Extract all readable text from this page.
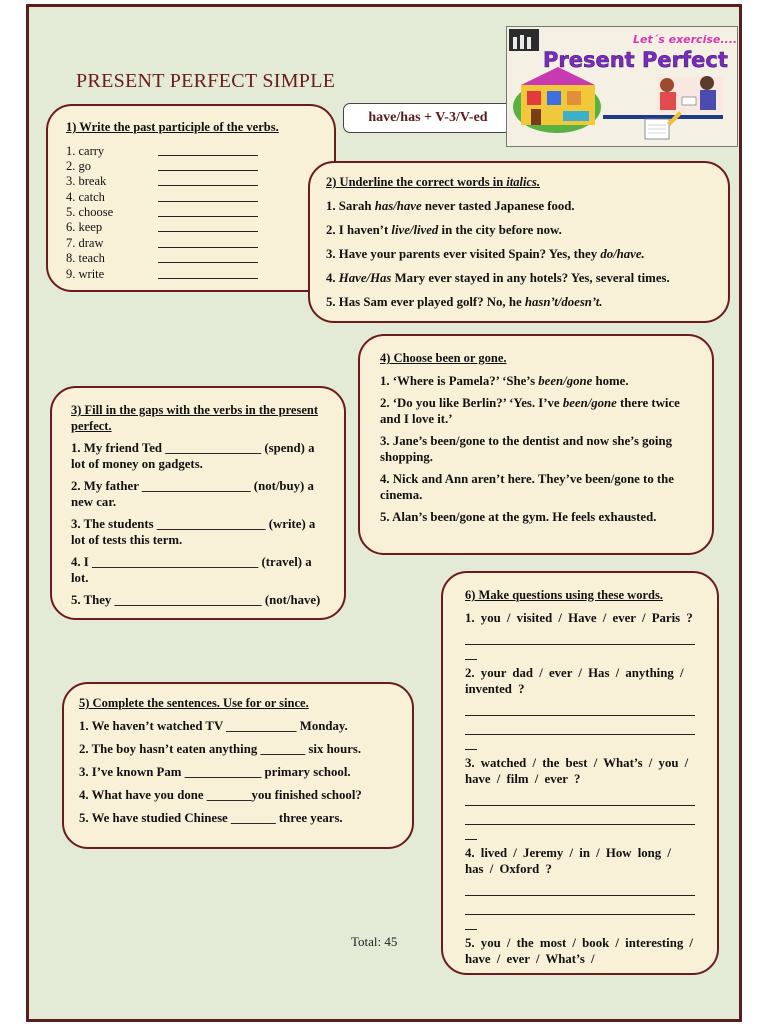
PRESENT PERFECT SIMPLE
have/has + V-3/V-ed
Let´s exercise....
Present Perfect
1) Write the past participle of the verbs.
1. carry
2. go
3. break
4. catch
5. choose
6. keep
7. draw
8. teach
9. write
2) Underline the correct words in italics.
1. Sarah has/have never tasted Japanese food.
2. I haven’t live/lived in the city before now.
3. Have your parents ever visited Spain? Yes, they do/have.
4. Have/Has Mary ever stayed in any hotels? Yes, several times.
5. Has Sam ever played golf? No, he hasn’t/doesn’t.
4) Choose been or gone.
1. ‘Where is Pamela?’ ‘She’s been/gone home.
2. ‘Do you like Berlin?’ ‘Yes. I’ve been/gone there twice and I love it.’
3. Jane’s been/gone to the dentist and now she’s going shopping.
4. Nick and Ann aren’t here. They’ve been/gone to the cinema.
5. Alan’s been/gone at the gym. He feels exhausted.
3) Fill in the gaps with the verbs in the present perfect.
1. My friend Ted _______________ (spend) a lot of money on gadgets.
2. My father _________________ (not/buy) a new car.
3. The students _________________ (write) a lot of tests this term.
4. I __________________________ (travel) a lot.
5. They _______________________ (not/have)
5) Complete the sentences. Use for or since.
1. We haven’t watched TV ___________ Monday.
2. The boy hasn’t eaten anything _______ six hours.
3. I’ve known Pam ____________ primary school.
4. What have you done _______you finished school?
5. We have studied Chinese _______ three years.
6) Make questions using these words.
1. you / visited / Have / ever / Paris ?
2. your dad / ever / Has / anything / invented ?
3. watched / the best / What’s / you / have / film / ever ?
4. lived / Jeremy / in / How long / has / Oxford ?
5. you / the most / book / interesting / have / ever / What’s /
Total: 45
